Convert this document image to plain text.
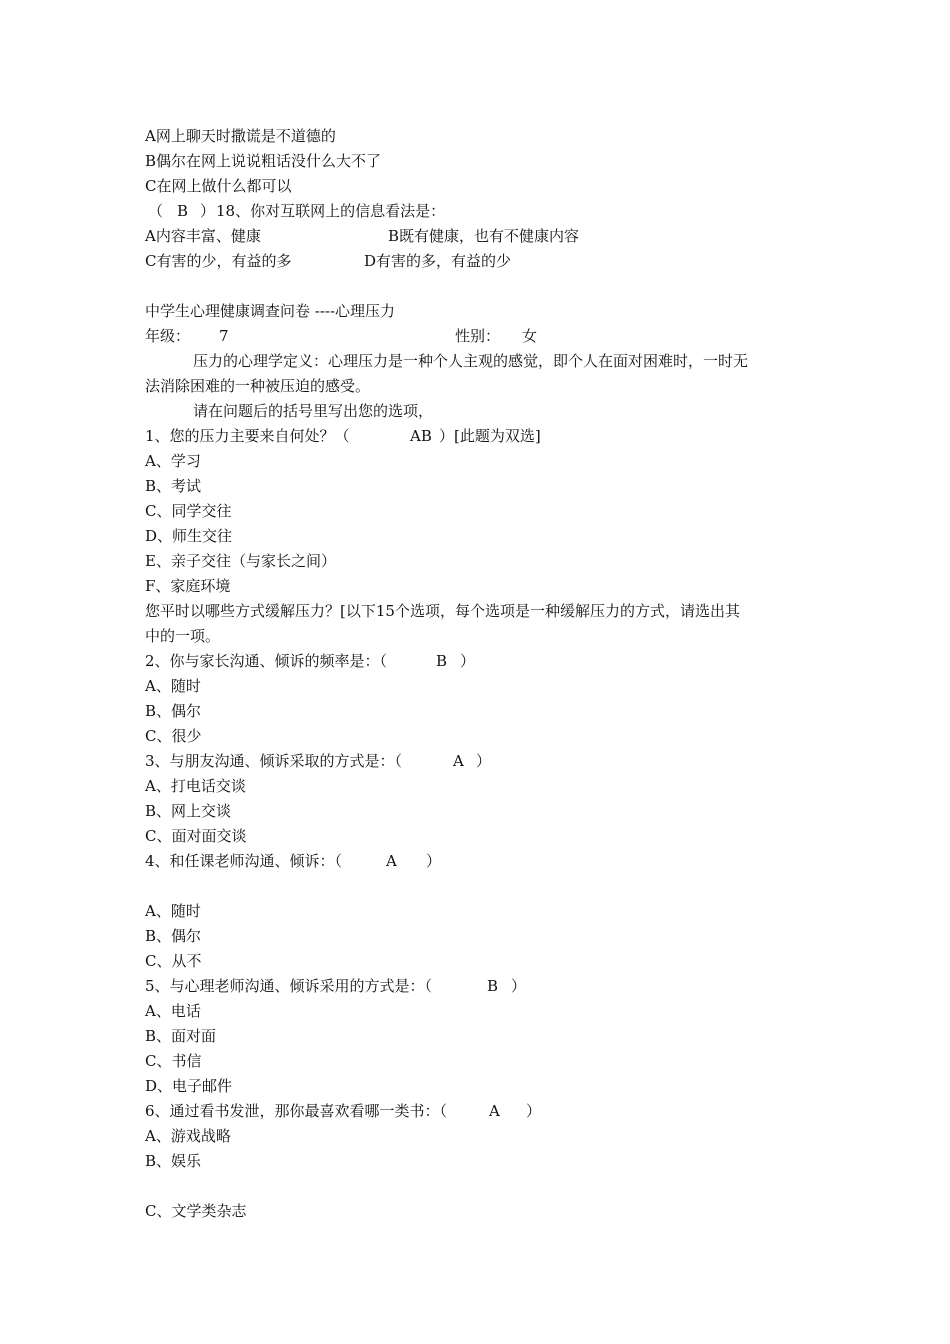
A网上聊天时撒谎是不道德的
B偶尔在网上说说粗话没什么大不了
C在网上做什么都可以
（ B ） 18、你对互联网上的信息看法是：
A内容丰富、健康	B既有健康，也有不健康内容
C有害的少，有益的多	D有害的多，有益的少
中学生心理健康调查问卷 ----心理压力
年级： 7	性别： 女
压力的心理学定义：心理压力是一种个人主观的感觉，即个人在面对困难时，一时无
法消除困难的一种被压迫的感受。
请在问题后的括号里写出您的选项，
1、您的压力主要来自何处？（	AB ）[此题为双选]
A、学习
B、考试
C、同学交往
D、师生交往
E、亲子交往（与家长之间）
F、家庭环境
您平时以哪些方式缓解压力？[以下15个选项，每个选项是一种缓解压力的方式，请选出其
中的一项。
2、你与家长沟通、倾诉的频率是：（	B ）
A、随时
B、偶尔
C、很少
3、与朋友沟通、倾诉采取的方式是：（	A ）
A、打电话交谈
B、网上交谈
C、面对面交谈
4、和任课老师沟通、倾诉：（	A ）
A、随时
B、偶尔
C、从不
5、与心理老师沟通、倾诉采用的方式是：（	B ）
A、电话
B、面对面
C、书信
D、电子邮件
6、通过看书发泄，那你最喜欢看哪一类书：（	A ）
A、游戏战略
B、娱乐
C、文学类杂志
